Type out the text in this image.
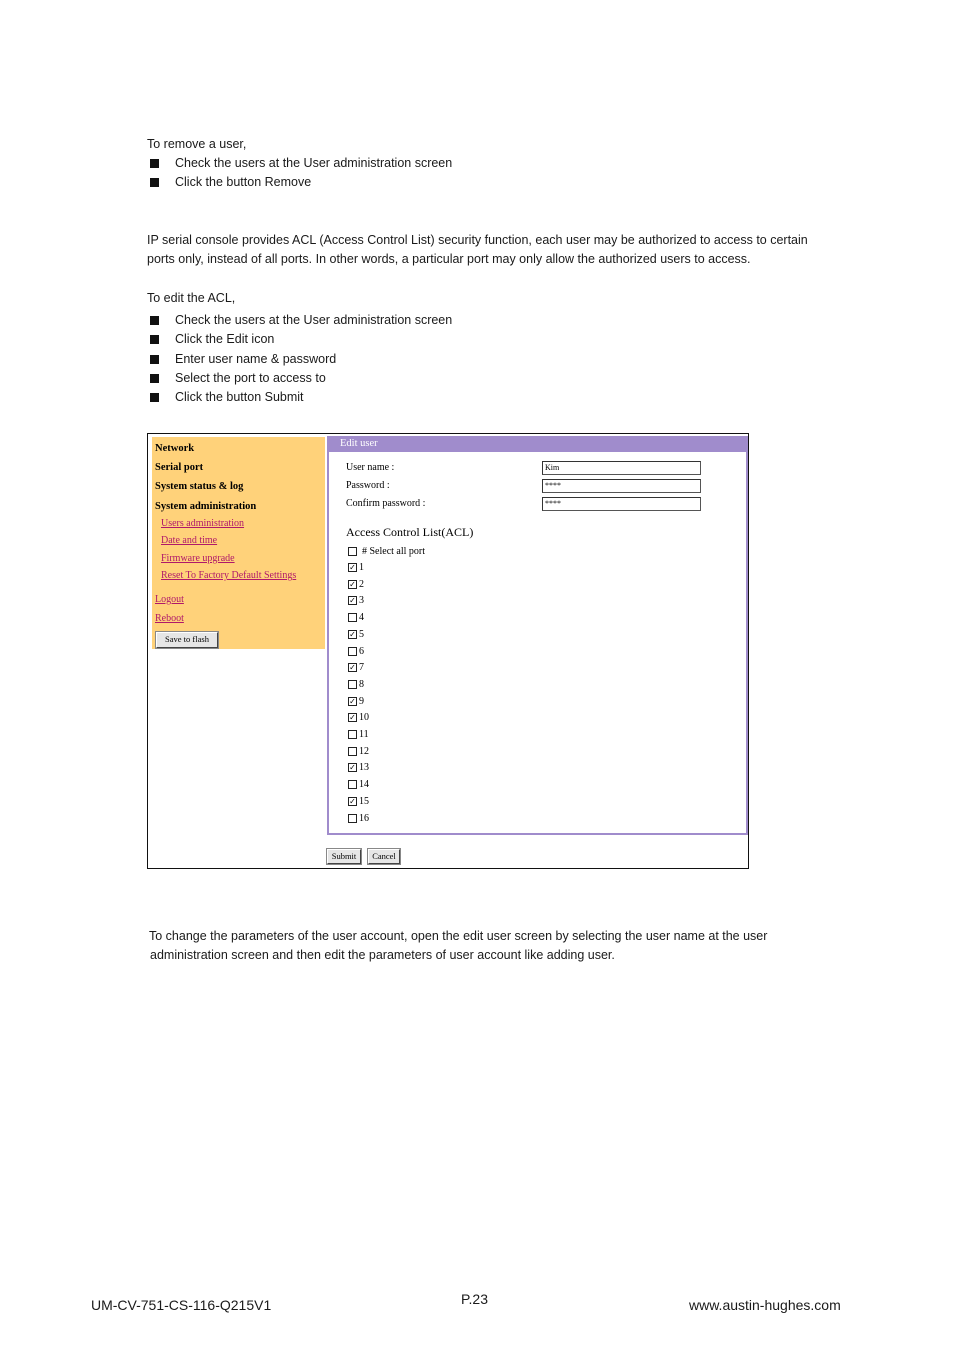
To remove a user,
Check the users at the User administration screen
Click the button Remove
IP serial console provides ACL (Access Control List) security function, each user may be authorized to access to certain
ports only, instead of all ports. In other words, a particular port may only allow the authorized users to access.
To edit the ACL,
Check the users at the User administration screen
Click the Edit icon
Enter user name & password
Select the port to access to
Click the button Submit
Network
Serial port
System status & log
System administration
Users administration
Date and time
Firmware upgrade
Reset To Factory Default Settings
Logout
Reboot
Save to flash
Edit user
User name :	Kim
Password :	****
Confirm password :	****
Access Control List(ACL)
# Select all port
✓ 1
✓ 2
✓ 3
4
✓ 5
6
✓ 7
8
✓ 9
✓ 10
11
12
✓ 13
14
✓ 15
16
Submit	Cancel
To change the parameters of the user account, open the edit user screen by selecting the user name at the user
administration screen and then edit the parameters of user account like adding user.
UM-CV-751-CS-116-Q215V1	P.23	www.austin-hughes.com
